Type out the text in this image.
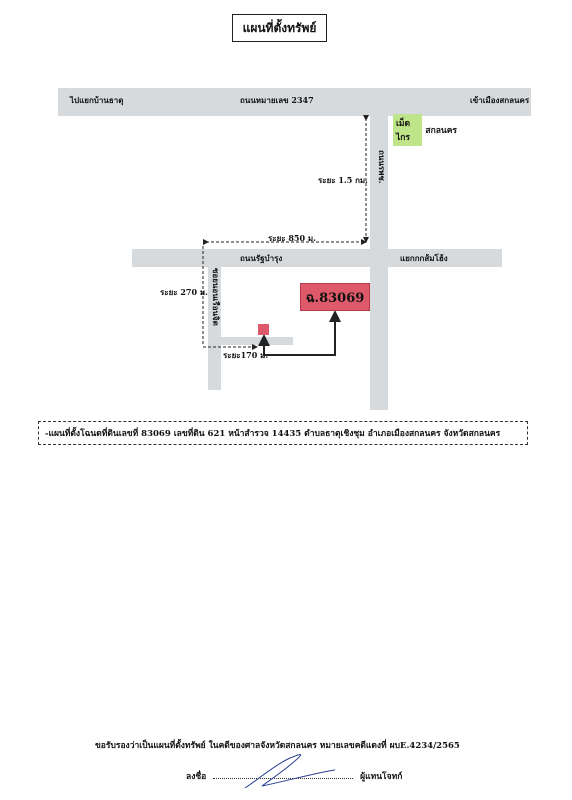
แผนที่ตั้งทรัพย์
ไปแยกบ้านธาตุ	ถนนหมายเลข 2347	เข้าเมืองสกลนคร
ถนนรพช.
เม็ดไกร
สกลนคร
ระยะ 1.5 กม.
ระยะ 850 ม.
ถนนรัฐบำรุง	แยกกกส้มโฮ้ง
ระยะ 270 ม. ซอยนอนเรือนจิต	ฉ.83069
ระยะ170 ม.
-แผนที่ตั้งโฉนดที่ดินเลขที่ 83069 เลขที่ดิน 621 หน้าสำรวจ 14435 ตำบลธาตุเชิงชุม อำเภอเมืองสกลนคร จังหวัดสกลนคร
ขอรับรองว่าเป็นแผนที่ตั้งทรัพย์ ในคดีของศาลจังหวัดสกลนคร หมายเลขคดีแดงที่ ผบE.4234/2565
ลงชื่อ	ผู้แทนโจทก์
